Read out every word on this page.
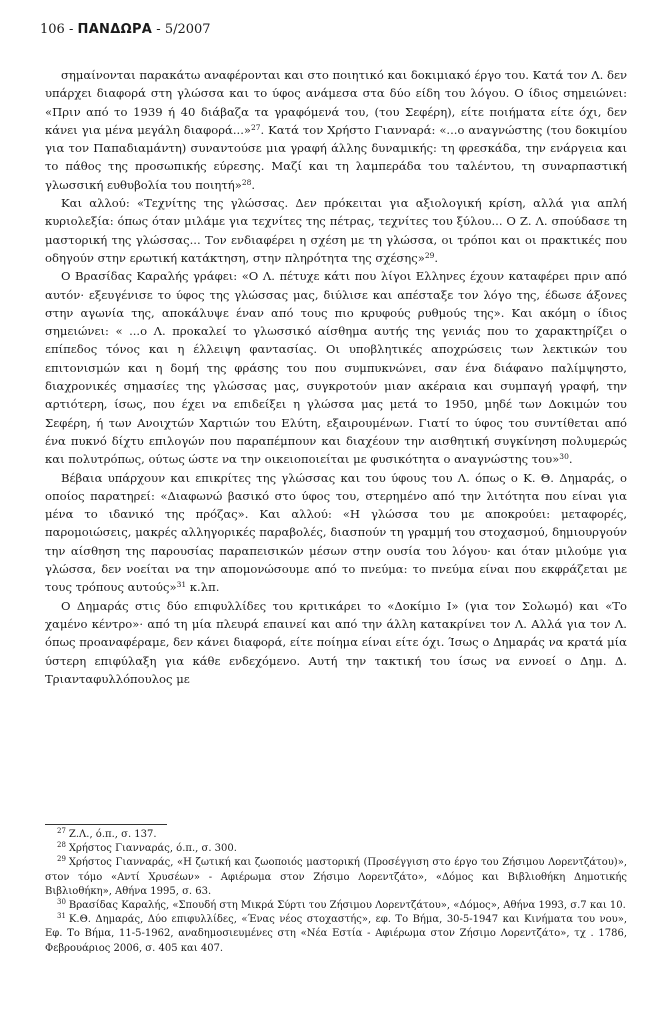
106 - ΠΑΝΔΩΡΑ - 5/2007

σημαίνονται παρακάτω αναφέρονται και στο ποιητικό και δοκιμιακό έργο του. Κατά τον Λ. δεν υπάρχει διαφορά στη γλώσσα και το ύφος ανάμεσα στα δύο είδη του λόγου. Ο ίδιος σημειώνει: «Πριν από το 1939 ή 40 διάβαζα τα γραφόμενά του, (του Σεφέρη), είτε ποιήματα είτε όχι, δεν κάνει για μένα μεγάλη διαφορά...»$^{27}$. Κατά τον Χρήστο Γιανναρά: «...ο αναγνώστης (του δοκιμίου για τον Παπαδιαμάντη) συναντούσε μια γραφή άλλης δυναμικής: τη φρεσκάδα, την ενάργεια και το πάθος της προσωπικής εύρεσης. Μαζί και τη λαμπεράδα του ταλέντου, τη συναρπαστική γλωσσική ευθυβολία του ποιητή»$^{28}$.

Και αλλού: «Τεχνίτης της γλώσσας. Δεν πρόκειται για αξιολογική κρίση, αλλά για απλή κυριολεξία: όπως όταν μιλάμε για τεχνίτες της πέτρας, τεχνίτες του ξύλου... Ο Ζ. Λ. σπούδασε τη μαστορική της γλώσσας... Τον ενδιαφέρει η σχέση με τη γλώσσα, οι τρόποι και οι πρακτικές που οδηγούν στην ερωτική κατάκτηση, στην πληρότητα της σχέσης»$^{29}$.

Ο Βρασίδας Καραλής γράφει: «Ο Λ. πέτυχε κάτι που λίγοι Ελληνες έχουν καταφέρει πριν από αυτόν· εξευγένισε το ύφος της γλώσσας μας, διύλισε και απέσταξε τον λόγο της, έδωσε άξονες στην αγωνία της, αποκάλυψε έναν από τους πιο κρυφούς ρυθμούς της». Και ακόμη ο ίδιος σημειώνει: « ...ο Λ. προκαλεί το γλωσσικό αίσθημα αυτής της γενιάς που το χαρακτηρίζει ο επίπεδος τόνος και η έλλειψη φαντασίας. Οι υποβλητικές αποχρώσεις των λεκτικών του επιτονισμών και η δομή της φράσης του που συμπυκνώνει, σαν ένα διάφανο παλίμψηστο, διαχρονικές σημασίες της γλώσσας μας, συγκροτούν μιαν ακέραια και συμπαγή γραφή, την αρτιότερη, ίσως, που έχει να επιδείξει η γλώσσα μας μετά το 1950, μηδέ των Δοκιμών του Σεφέρη, ή των Ανοιχτών Χαρτιών του Ελύτη, εξαιρουμένων. Γιατί το ύφος του συντίθεται από ένα πυκνό δίχτυ επιλογών που παραπέμπουν και διαχέουν την αισθητική συγκίνηση πολυμερώς και πολυτρόπως, ούτως ώστε να την οικειοποιείται με φυσικότητα ο αναγνώστης του»$^{30}$.

Βέβαια υπάρχουν και επικρίτες της γλώσσας και του ύφους του Λ. όπως ο Κ. Θ. Δημαράς, ο οποίος παρατηρεί: «Διαφωνώ βασικό στο ύφος του, στερημένο από την λιτότητα που είναι για μένα το ιδανικό της πρόζας». Και αλλού: «Η γλώσσα του με αποκρούει: μεταφορές, παρομοιώσεις, μακρές αλληγορικές παραβολές, διασπούν τη γραμμή του στοχασμού, δημιουργούν την αίσθηση της παρουσίας παραπεισικών μέσων στην ουσία του λόγου· και όταν μιλούμε για γλώσσα, δεν νοείται να την απομονώσουμε από το πνεύμα: το πνεύμα είναι που εκφράζεται με τους τρόπους αυτούς»$^{31}$ κ.λπ.

Ο Δημαράς στις δύο επιφυλλίδες του κριτικάρει το «Δοκίμιο Ι» (για τον Σολωμό) και «Το χαμένο κέντρο»· από τη μία πλευρά επαινεί και από την άλλη κατακρίνει τον Λ. Αλλά για τον Λ. όπως προαναφέραμε, δεν κάνει διαφορά, είτε ποίημα είναι είτε όχι. Ίσως ο Δημαράς να κρατά μία ύστερη επιφύλαξη για κάθε ενδεχόμενο. Αυτή την τακτική του ίσως να εννοεί ο Δημ. Δ. Τριανταφυλλόπουλος με

$^{27}$ Ζ.Λ., ό.π., σ. 137.

$^{28}$ Χρήστος Γιανναράς, ό.π., σ. 300.

$^{29}$ Χρήστος Γιανναράς, «Η ζωτική και ζωοποιός μαστορική (Προσέγγιση στο έργο του Ζήσιμου Λορεντζάτου)», στον τόμο «Αντί Χρυσέων» - Αφιέρωμα στον Ζήσιμο Λορεντζάτο», «Δόμος και Βιβλιοθήκη Δημοτικής Βιβλιοθήκη», Αθήνα 1995, σ. 63.

$^{30}$ Βρασίδας Καραλής, «Σπουδή στη Μικρά Σύρτι του Ζήσιμου Λορεντζάτου», «Δόμος», Αθήνα 1993, σ.7 και 10.

$^{31}$ Κ.Θ. Δημαράς, Δύο επιφυλλίδες, «Ένας νέος στοχαστής», εφ. Το Βήμα, 30-5-1947 και Κινήματα του νου», Εφ. Το Βήμα, 11-5-1962, αναδημοσιευμένες στη «Νέα Εστία - Αφιέρωμα στον Ζήσιμο Λορεντζάτο», τχ . 1786, Φεβρουάριος 2006, σ. 405 και 407.
